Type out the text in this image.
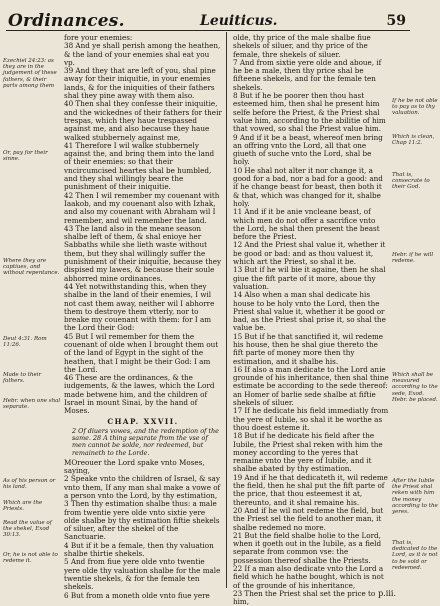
Ordinances.	Leuiticus.	59

fore your enemies:

38 And ye shall perish among the heathen, & the land of your enemies shal eat you vp.

39 And they that are left of you, shal pine away for their iniquitie, in your enemies lands, & for the iniquities of their fathers shal they pine away with them also.

40 Then shal they confesse their iniquitie, and the wickednes of their fathers for their trespas, which they haue trespassed against me, and also because they haue walked stubbernely against me,

41 Therefore I wil walke stubbernely against the, and bring them into the land of their enemies: so that their vncircumcised heartes shal be humbled, and they shal willingly beare the punishment of their iniquitie.

42 Then I wil remember my couenant with Iaakob, and my couenant also with Izhak, and also my couenant with Abraham wil I remember, and wil remember the land.

43 The land also in the meane season shalbe left of them, & shal enioye her Sabbaths while she lieth waste without them, but they shal willingly suffer the punishment of their iniquitie, because they dispised my lawes, & because their soule abhorred mine ordinances.

44 Yet notwithstanding this, when they shalbe in the land of their enemies, I wil not cast them away, neither wil I abhorre them to destroye them vtterly, nor to breake my couenant with them: for I am the Lord their God:

45 But I wil remember for them the couenant of olde when I brought them out of the land of Egypt in the sight of the heathen, that I might be their God: I am the Lord.

46 These are the ordinances, & the iudgements, & the lawes, which the Lord made betwene him, and the children of Israel in mount Sinai, by the hand of Moses.

CHAP. XXVII.

2 Of diuers vowes, and the redemption of the same. 28 A thing separate from the vse of men cannot be solde, nor redeemed, but remaineth to the Lorde.

MOreouer the Lord spake vnto Moses, saying,

2 Speake vnto the children of Israel, & say vnto them, If any man shal make a vowe of a person vnto the Lord, by thy estimation,

3 Then thy estimation shalbe thus: a male from twentie yere olde vnto sixtie yere olde shalbe by thy estimation fiftie shekels of siluer, after the shekel of the Sanctuarie.

4 But if it be a female, then thy valuation shalbe thirtie shekels.

5 And from fiue yere olde vnto twentie yere olde thy valuation shalbe for the male twentie shekels, & for the female ten shekels.

6 But from a moneth olde vnto fiue yere

olde, thy price of the male shalbe fiue shekels of siluer, and thy price of the female, thre shekels of siluer.

7 And from sixtie yere olde and aboue, if he be a male, then thy price shal be fifteene shekels, and for the female ten shekels.

8 But if he be poorer then thou hast esteemed him, then shal he present him selfe before the Priest, & the Priest shal value him, according to the abilitie of him that vowed, so shal the Priest value him.

9 And if it be a beast, whereof men bring an offring vnto the Lord, all that one giueth of suche vnto the Lord, shal be holy.

10 He shal not alter it nor change it, a good for a bad, nor a bad for a good: and if he change beast for beast, then both it & that, which was changed for it, shalbe holy.

11 And if it be anie vncleane beast, of which men do not offer a sacrifice vnto the Lord, he shal then present the beast before the Priest.

12 And the Priest shal value it, whether it be good or bad: and as thou valuest it, which art the Priest, so shal it be.

13 But if he wil bie it againe, then he shal giue the fift parte of it more, aboue thy valuation.

14 Also when a man shal dedicate his house to be holy vnto the Lord, then the Priest shal value it, whether it be good or bad, as the Priest shal prise it, so shal the value be.

15 But if he that sanctified it, wil redeme his house, then he shal giue thereto the fift parte of money more then thy estimation, and it shalbe his.

16 If also a man dedicate to the Lord anie grounde of his inheritance, then shal thine estimate be according to the sede thereof: an Homer of barlie sede shalbe at fiftie shekels of siluer.

17 If he dedicate his field immediatly from the yere of Iubile, so shal it be worthe as thou doest esteme it.

18 But if he dedicate his field after the Iubile, the Priest shal reken with him the money according to the yeres that remaine vnto the yere of Iubile, and it shalbe abated by thy estimation.

19 And if he that dedicateth it, wil redeme the field, then he shal put the fift parte of the price, that thou esteemest it at, thereunto, and it shal remaine his.

20 And if he wil not redeme the field, but the Priest sel the field to another man, it shalbe redemed no more.

21 But the field shalbe holie to the Lord, when it goeth out in the Iubile, as a field separate from common vse: the possession thereof shalbe the Priests.

22 If a man also dedicate vnto the Lord a field which he hathe bought, which is not of the grounde of his inheritance,

23 Then the Priest shal set the price to him,

Ezechiel 24:23: as they are in the judgement of these fathers, & their parts among them
Or, pay for their sinne.
Where they are captiues, and without repentance.
Deut 4:31. Rom 11:26.
Made to their fathers.
Hebr. when one shal separate.
As of his person or his land.
Which are the Priests.
Read the value of the shekel, Exod 30:13.
Or, he is not able to redeme it.
If he be not able to pay as to thy valuation.
Which is clean, Chap 11:2.
That is, consecrate to their God.
Hebr. if he will redeme.
Which shall be measured according to the sede, Exod. Hebr. be placed.
After the Iubile the Priest shal reken with him the money according to the yeres.
That is, dedicated to the Lord, as it is not to be sold or redeemed.
p.iii.
